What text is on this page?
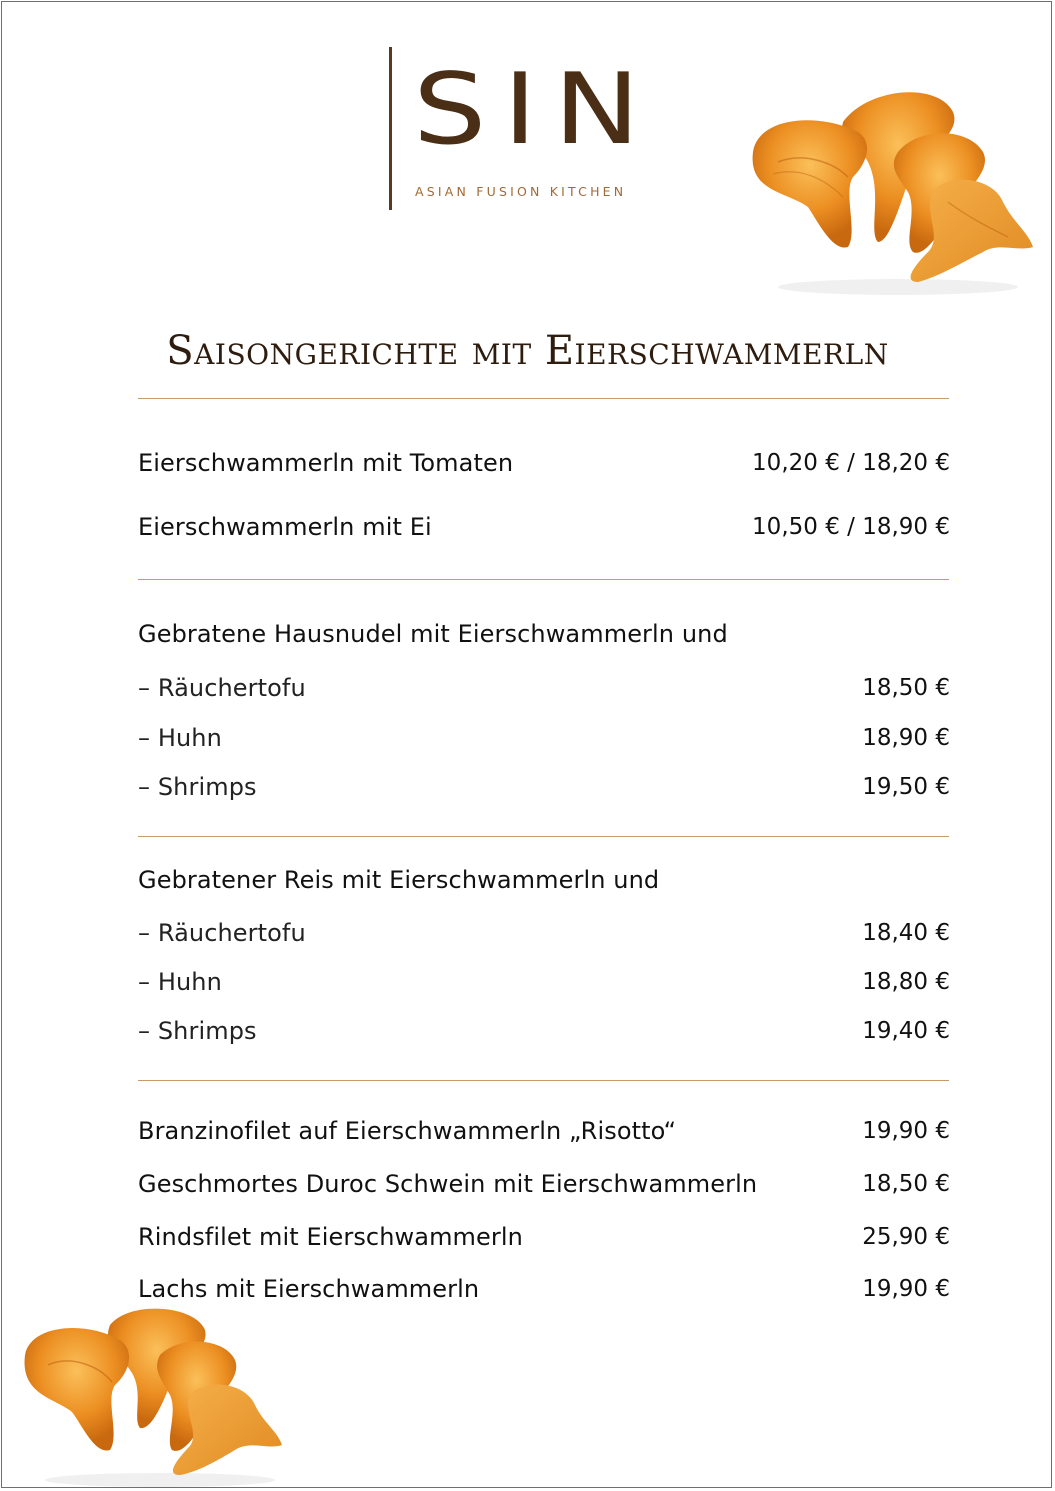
SIN
ASIAN FUSION KITCHEN
Saisongerichte mit Eierschwammerln
Eierschwammerln mit Tomaten	10,20 € / 18,20 €
Eierschwammerln mit Ei	10,50 € / 18,90 €
Gebratene Hausnudel mit Eierschwammerln und
– Räuchertofu	18,50 €
– Huhn	18,90 €
– Shrimps	19,50 €
Gebratener Reis mit Eierschwammerln und
– Räuchertofu	18,40 €
– Huhn	18,80 €
– Shrimps	19,40 €
Branzinofilet auf Eierschwammerln „Risotto“	19,90 €
Geschmortes Duroc Schwein mit Eierschwammerln	18,50 €
Rindsfilet mit Eierschwammerln	25,90 €
Lachs mit Eierschwammerln	19,90 €
